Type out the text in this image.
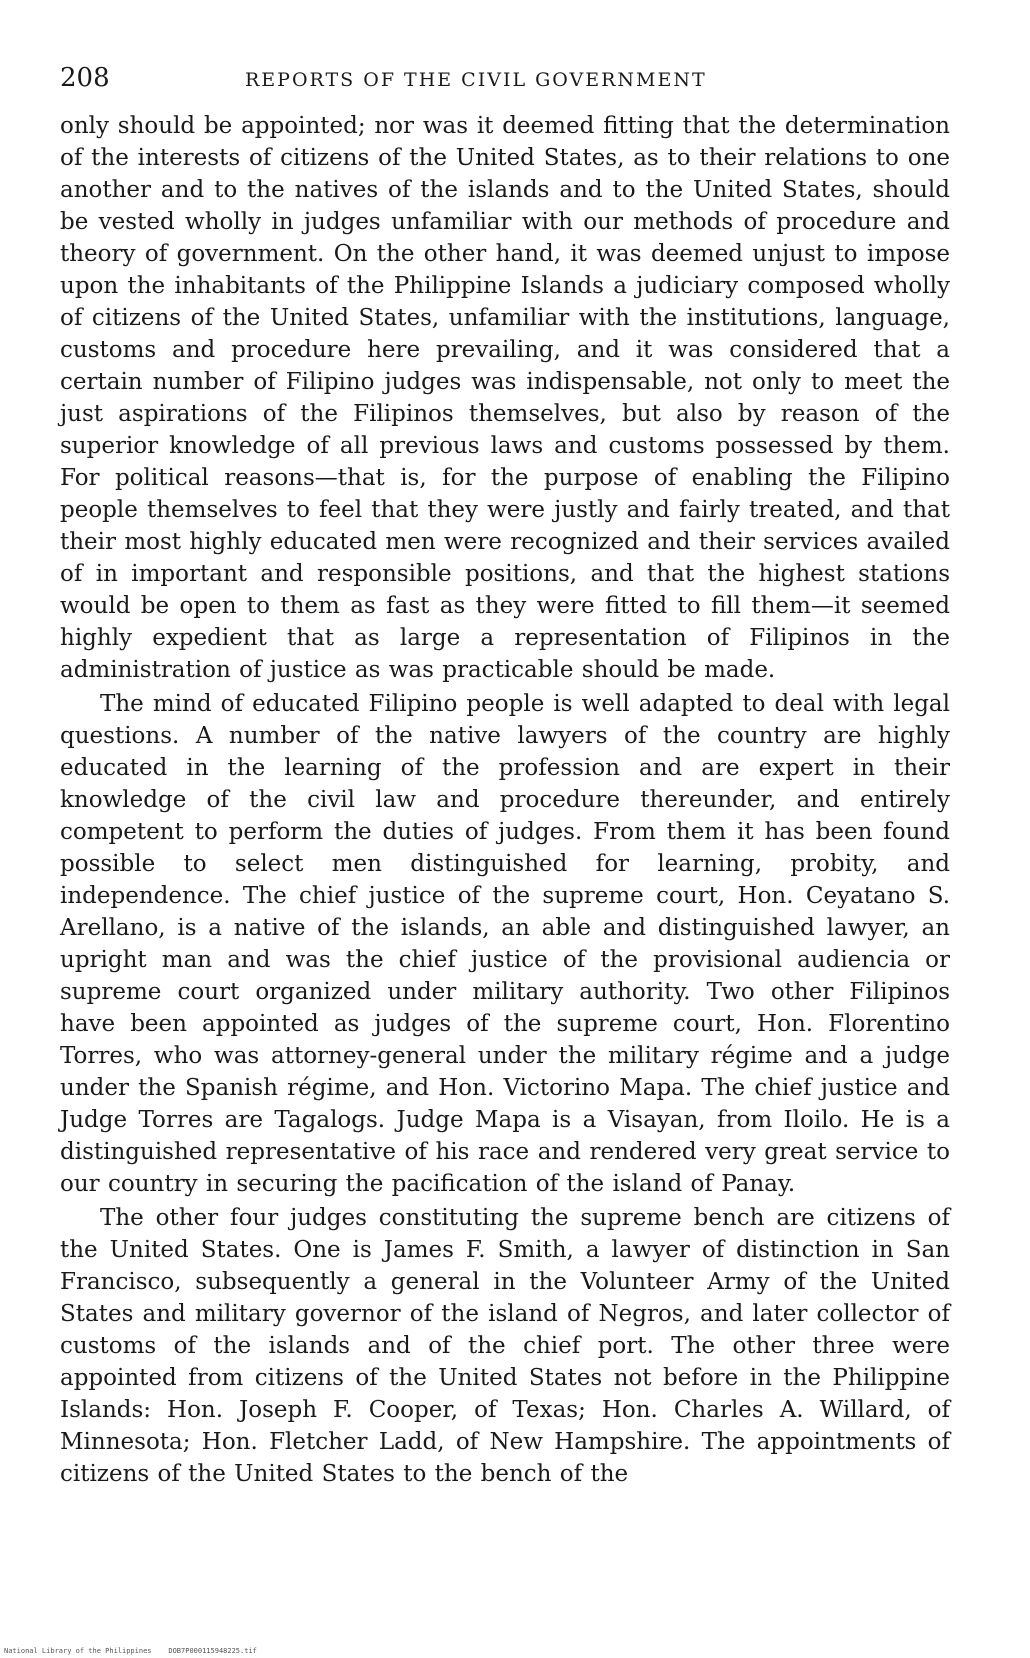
208	REPORTS OF THE CIVIL GOVERNMENT

only should be appointed; nor was it deemed fitting that the determination of the interests of citizens of the United States, as to their relations to one another and to the natives of the islands and to the United States, should be vested wholly in judges unfamiliar with our methods of procedure and theory of government. On the other hand, it was deemed unjust to impose upon the inhabitants of the Philippine Islands a judiciary composed wholly of citizens of the United States, unfamiliar with the institutions, language, customs and procedure here prevailing, and it was considered that a certain number of Filipino judges was indispensable, not only to meet the just aspirations of the Filipinos themselves, but also by reason of the superior knowledge of all previous laws and customs possessed by them. For political reasons—that is, for the purpose of enabling the Filipino people themselves to feel that they were justly and fairly treated, and that their most highly educated men were recognized and their services availed of in important and responsible positions, and that the highest stations would be open to them as fast as they were fitted to fill them—it seemed highly expedient that as large a representation of Filipinos in the administration of justice as was practicable should be made.

The mind of educated Filipino people is well adapted to deal with legal questions. A number of the native lawyers of the country are highly educated in the learning of the profession and are expert in their knowledge of the civil law and procedure thereunder, and entirely competent to perform the duties of judges. From them it has been found possible to select men distinguished for learning, probity, and independence. The chief justice of the supreme court, Hon. Ceyatano S. Arellano, is a native of the islands, an able and distinguished lawyer, an upright man and was the chief justice of the provisional audiencia or supreme court organized under military authority. Two other Filipinos have been appointed as judges of the supreme court, Hon. Florentino Torres, who was attorney-general under the military régime and a judge under the Spanish régime, and Hon. Victorino Mapa. The chief justice and Judge Torres are Tagalogs. Judge Mapa is a Visayan, from Iloilo. He is a distinguished representative of his race and rendered very great service to our country in securing the pacification of the island of Panay.

The other four judges constituting the supreme bench are citizens of the United States. One is James F. Smith, a lawyer of distinction in San Francisco, subsequently a general in the Volunteer Army of the United States and military governor of the island of Negros, and later collector of customs of the islands and of the chief port. The other three were appointed from citizens of the United States not before in the Philippine Islands: Hon. Joseph F. Cooper, of Texas; Hon. Charles A. Willard, of Minnesota; Hon. Fletcher Ladd, of New Hampshire. The appointments of citizens of the United States to the bench of the

National Library of the Philippines DOB7P000115948225.tif
